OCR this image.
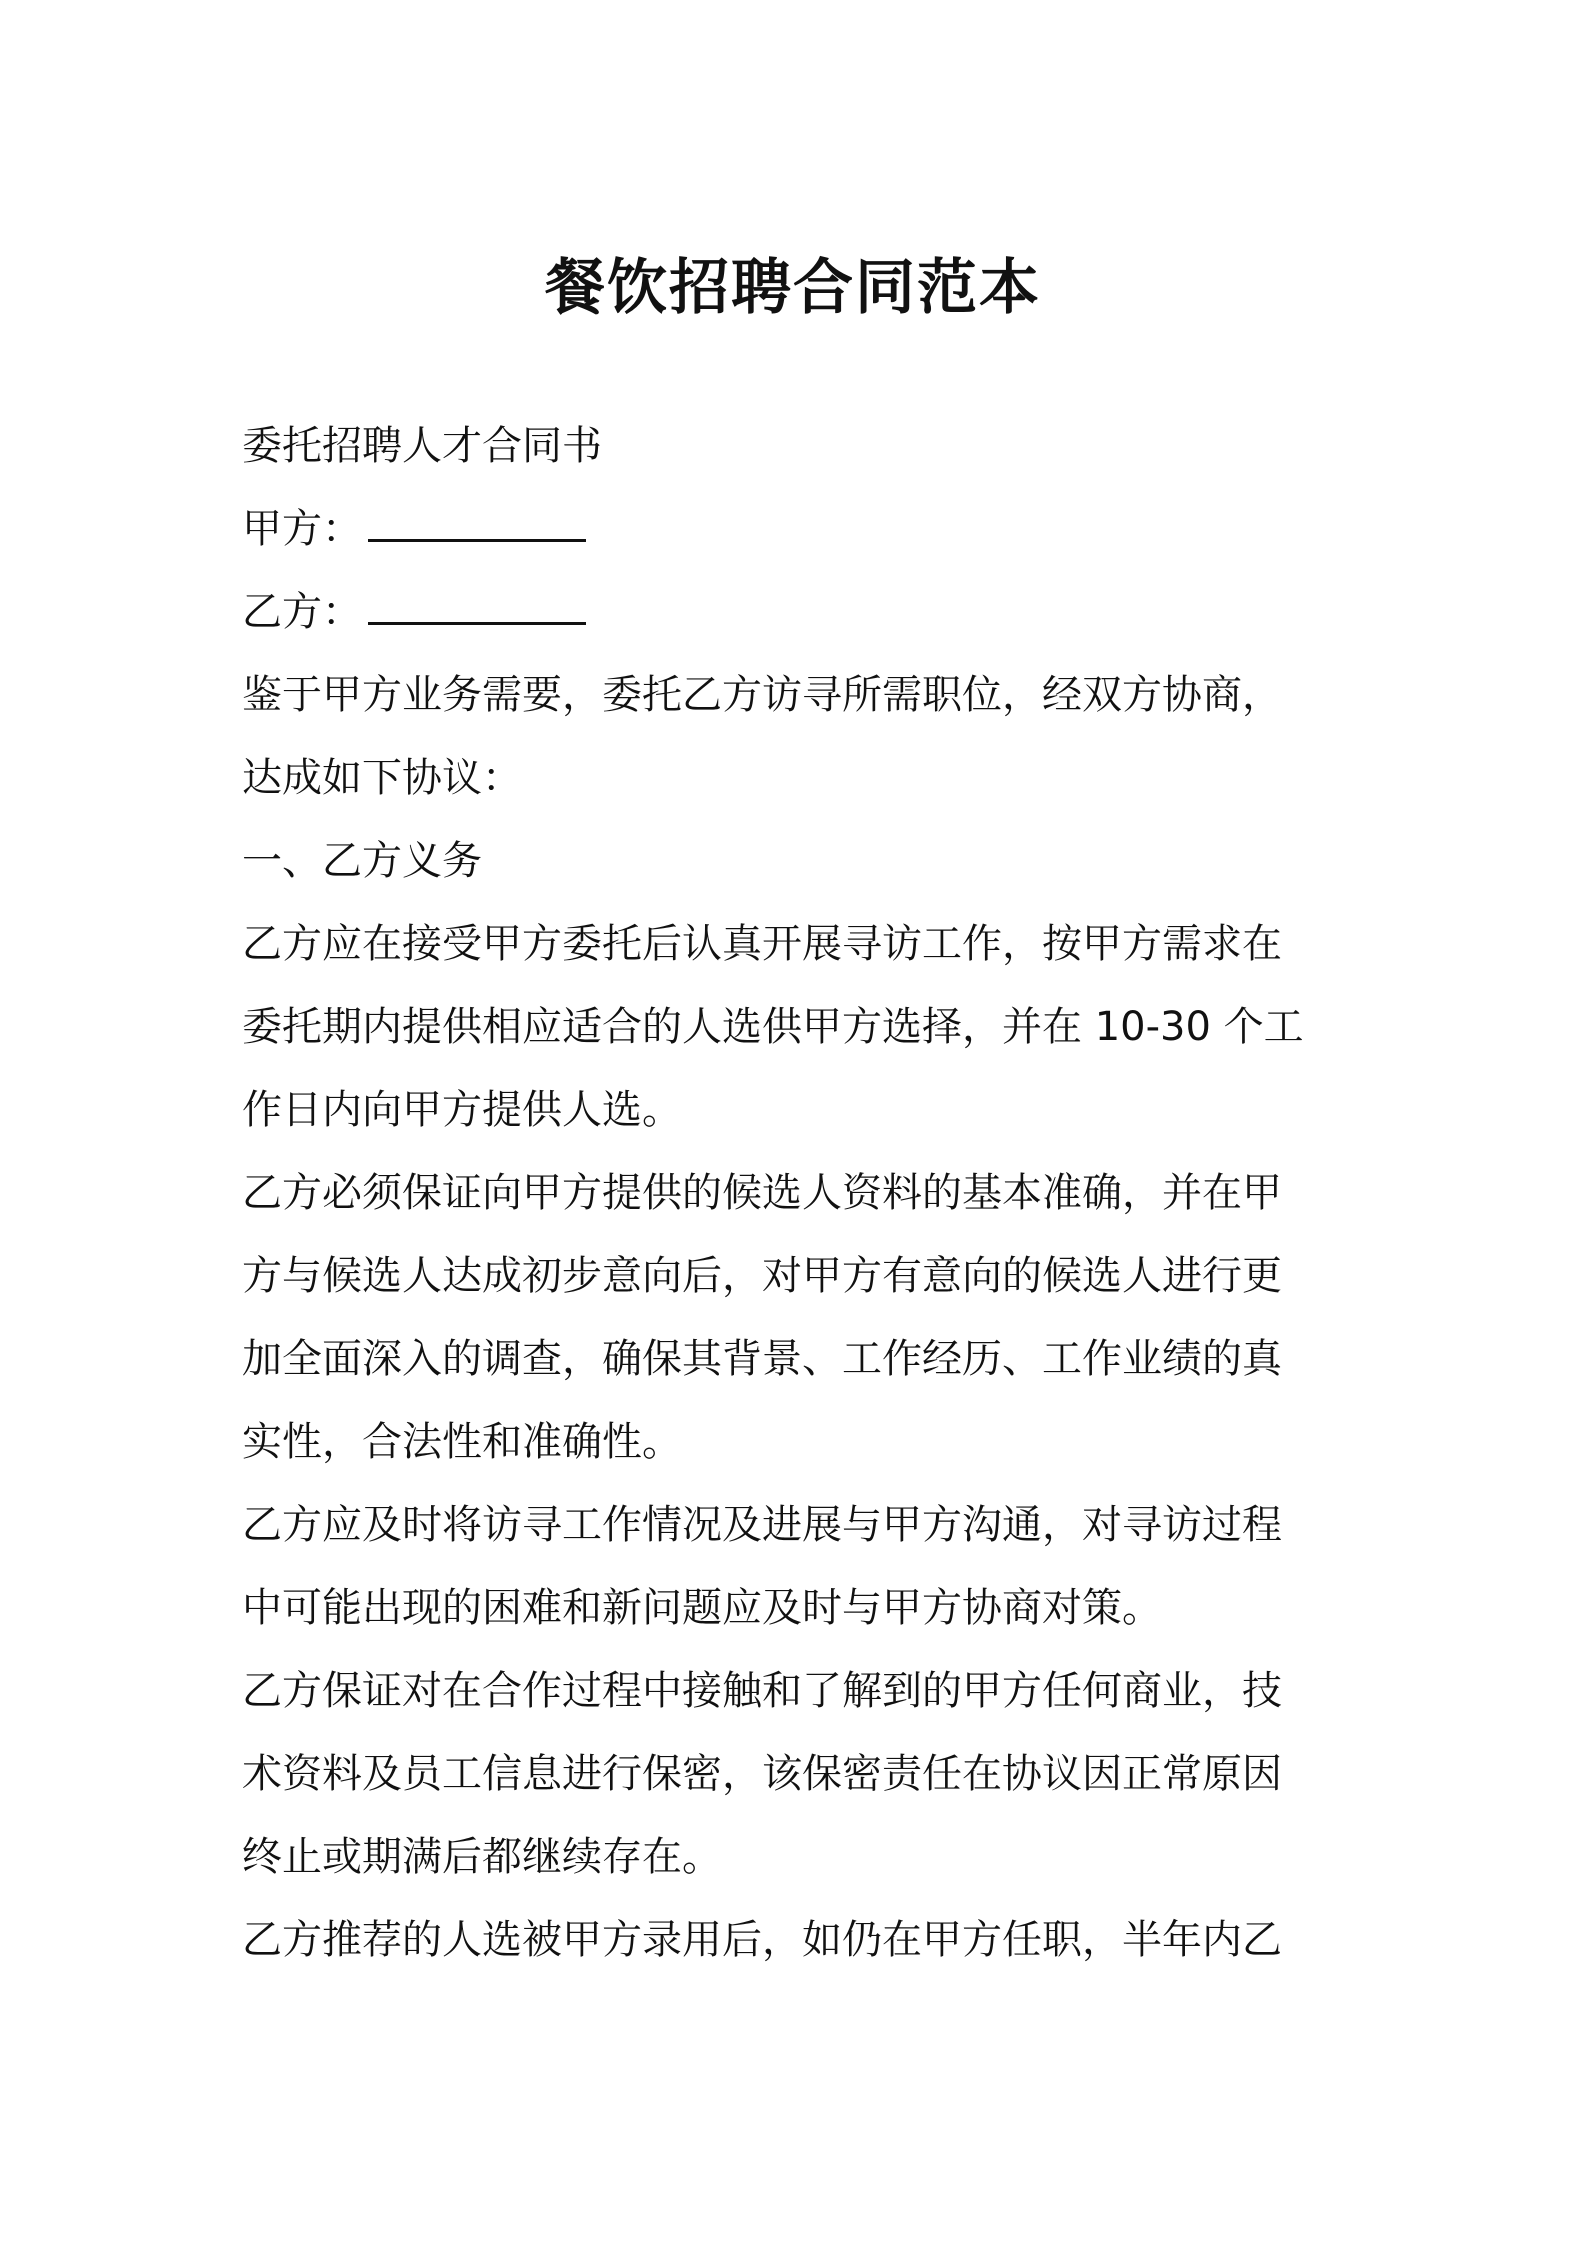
餐饮招聘合同范本
委托招聘人才合同书
甲方：
乙方：
鉴于甲方业务需要，委托乙方访寻所需职位，经双方协商，
达成如下协议：
一、乙方义务
乙方应在接受甲方委托后认真开展寻访工作，按甲方需求在
委托期内提供相应适合的人选供甲方选择，并在 10-30 个工
作日内向甲方提供人选。
乙方必须保证向甲方提供的候选人资料的基本准确，并在甲
方与候选人达成初步意向后，对甲方有意向的候选人进行更
加全面深入的调查，确保其背景、工作经历、工作业绩的真
实性，合法性和准确性。
乙方应及时将访寻工作情况及进展与甲方沟通，对寻访过程
中可能出现的困难和新问题应及时与甲方协商对策。
乙方保证对在合作过程中接触和了解到的甲方任何商业，技
术资料及员工信息进行保密，该保密责任在协议因正常原因
终止或期满后都继续存在。
乙方推荐的人选被甲方录用后，如仍在甲方任职，半年内乙
